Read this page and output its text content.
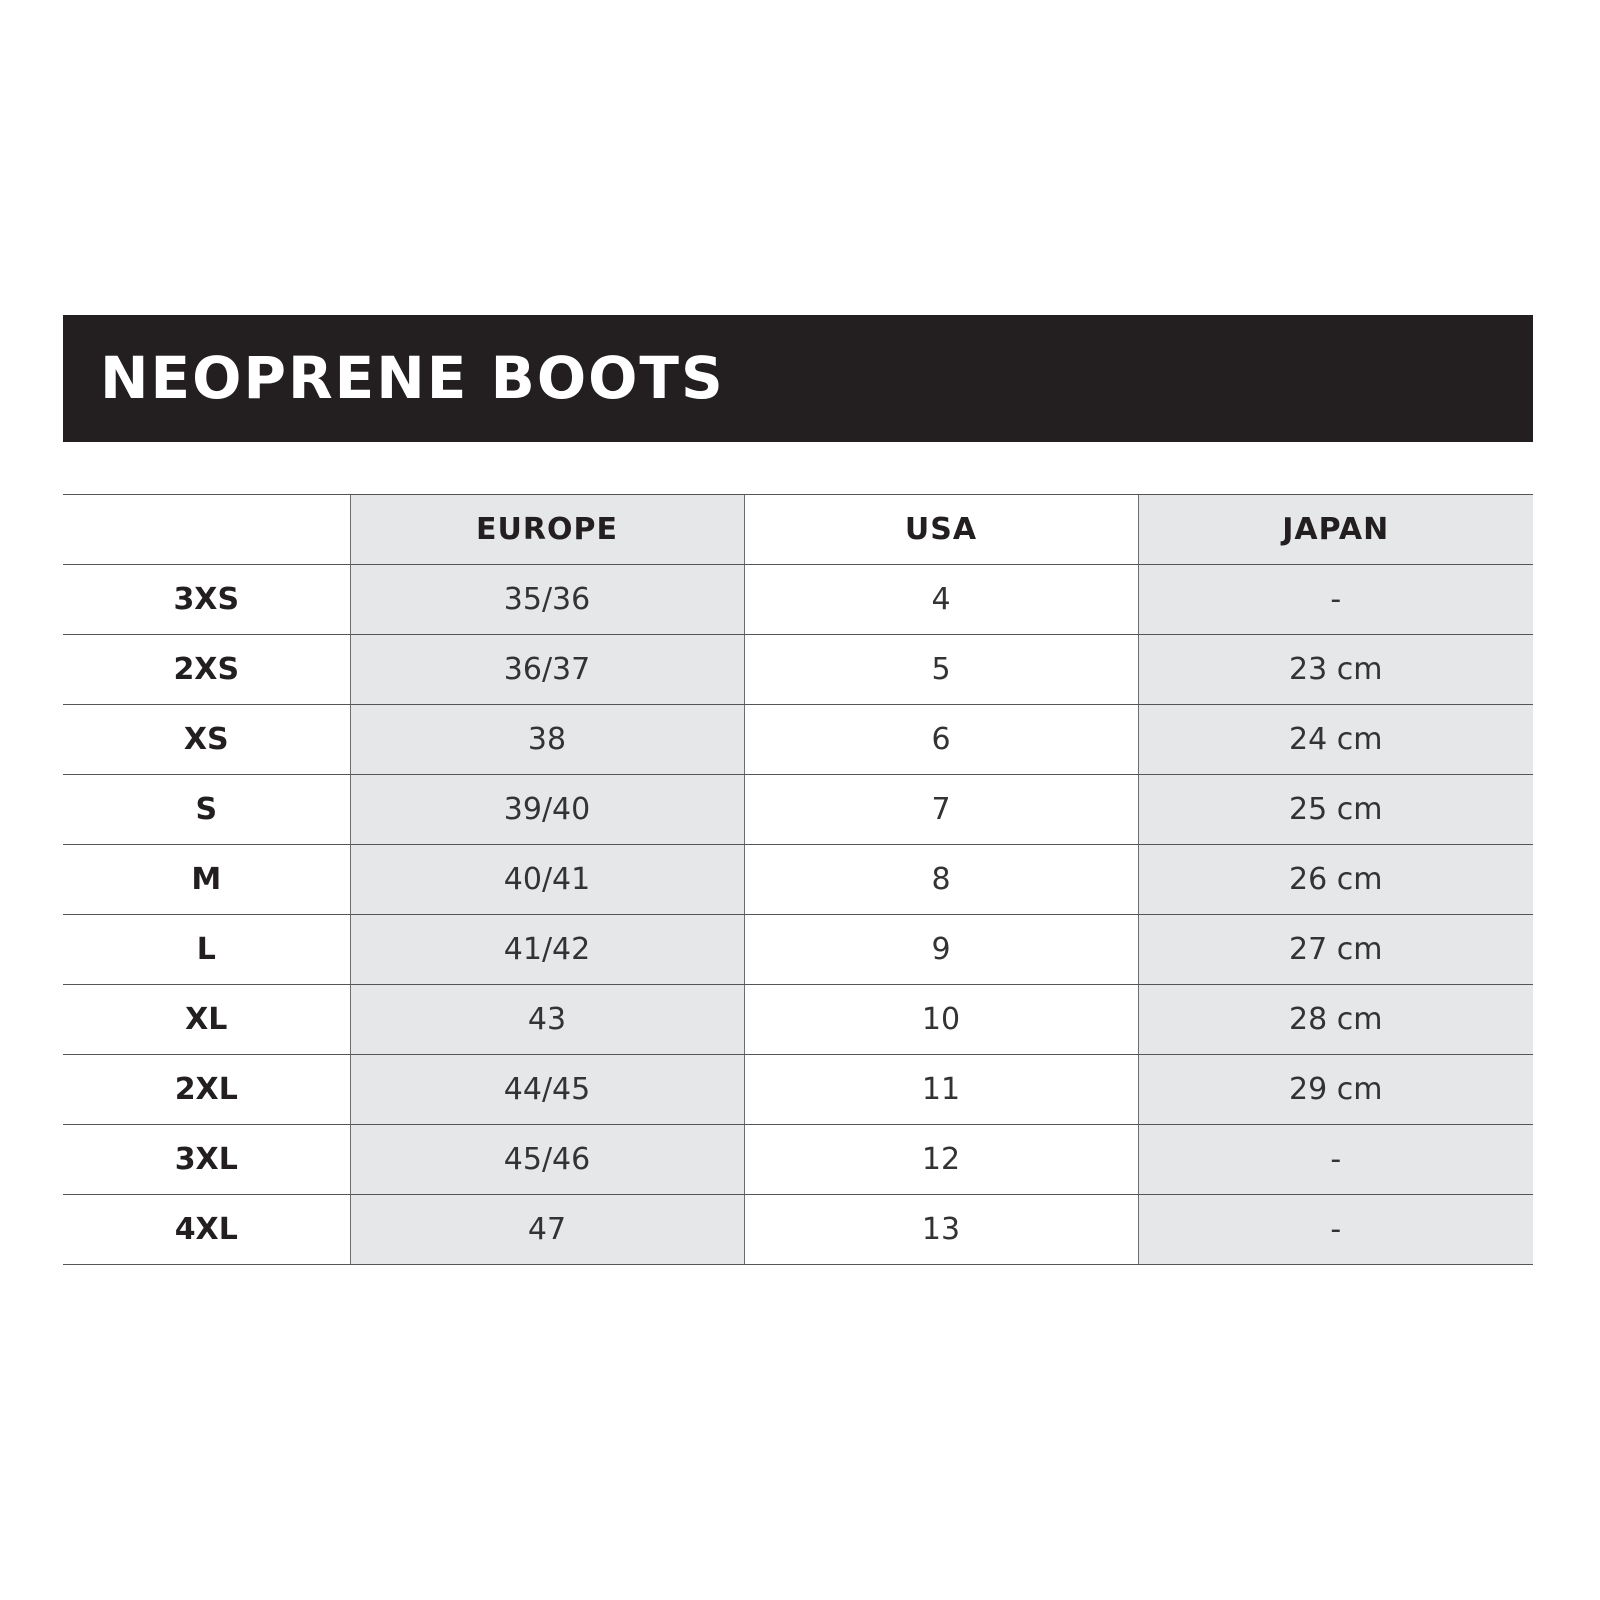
NEOPRENE BOOTS
	EUROPE	USA	JAPAN
3XS	35/36	4	-
2XS	36/37	5	23 cm
XS	38	6	24 cm
S	39/40	7	25 cm
M	40/41	8	26 cm
L	41/42	9	27 cm
XL	43	10	28 cm
2XL	44/45	11	29 cm
3XL	45/46	12	-
4XL	47	13	-
